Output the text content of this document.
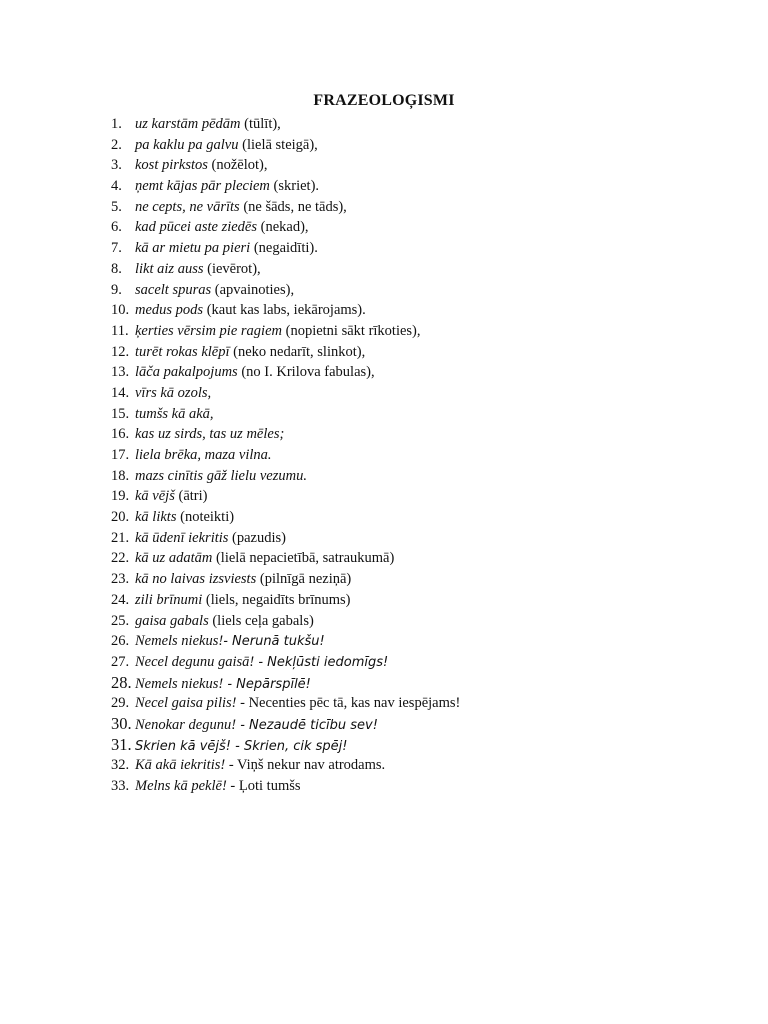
FRAZEOLOĢISMI
1. uz karstām pēdām (tūlīt),
2. pa kaklu pa galvu (lielā steigā),
3. kost pirkstos (nožēlot),
4. ņemt kājas pār pleciem (skriet).
5. ne cepts, ne vārīts (ne šāds, ne tāds),
6. kad pūcei aste ziedēs (nekad),
7. kā ar mietu pa pieri (negaidīti).
8. likt aiz auss (ievērot),
9. sacelt spuras (apvainoties),
10. medus pods (kaut kas labs, iekārojams).
11. ķerties vērsim pie ragiem (nopietni sākt rīkoties),
12. turēt rokas klēpī (neko nedarīt, slinkot),
13. lāča pakalpojums (no I. Krilova fabulas),
14. vīrs kā ozols,
15. tumšs kā akā,
16. kas uz sirds, tas uz mēles;
17. liela brēka, maza vilna.
18. mazs cinītis gāž lielu vezumu.
19. kā vējš (ātri)
20. kā likts (noteikti)
21. kā ūdenī iekritis (pazudis)
22. kā uz adatām (lielā nepacietībā, satraukumā)
23. kā no laivas izsviests (pilnīgā neziņā)
24. zili brīnumi (liels, negaidīts brīnums)
25. gaisa gabals (liels ceļa gabals)
26. Nemels niekus!- Nerunā tukšu!
27. Necel degunu gaisā! - Nekļūsti iedomīgs!
28. Nemels niekus! - Nepārspīlē!
29. Necel gaisa pilis! - Necenties pēc tā, kas nav iespējams!
30. Nenokar degunu! - Nezaudē ticību sev!
31. Skrien kā vējš! - Skrien, cik spēj!
32. Kā akā iekritis! - Viņš nekur nav atrodams.
33. Melns kā peklē! - Ļoti tumšs
